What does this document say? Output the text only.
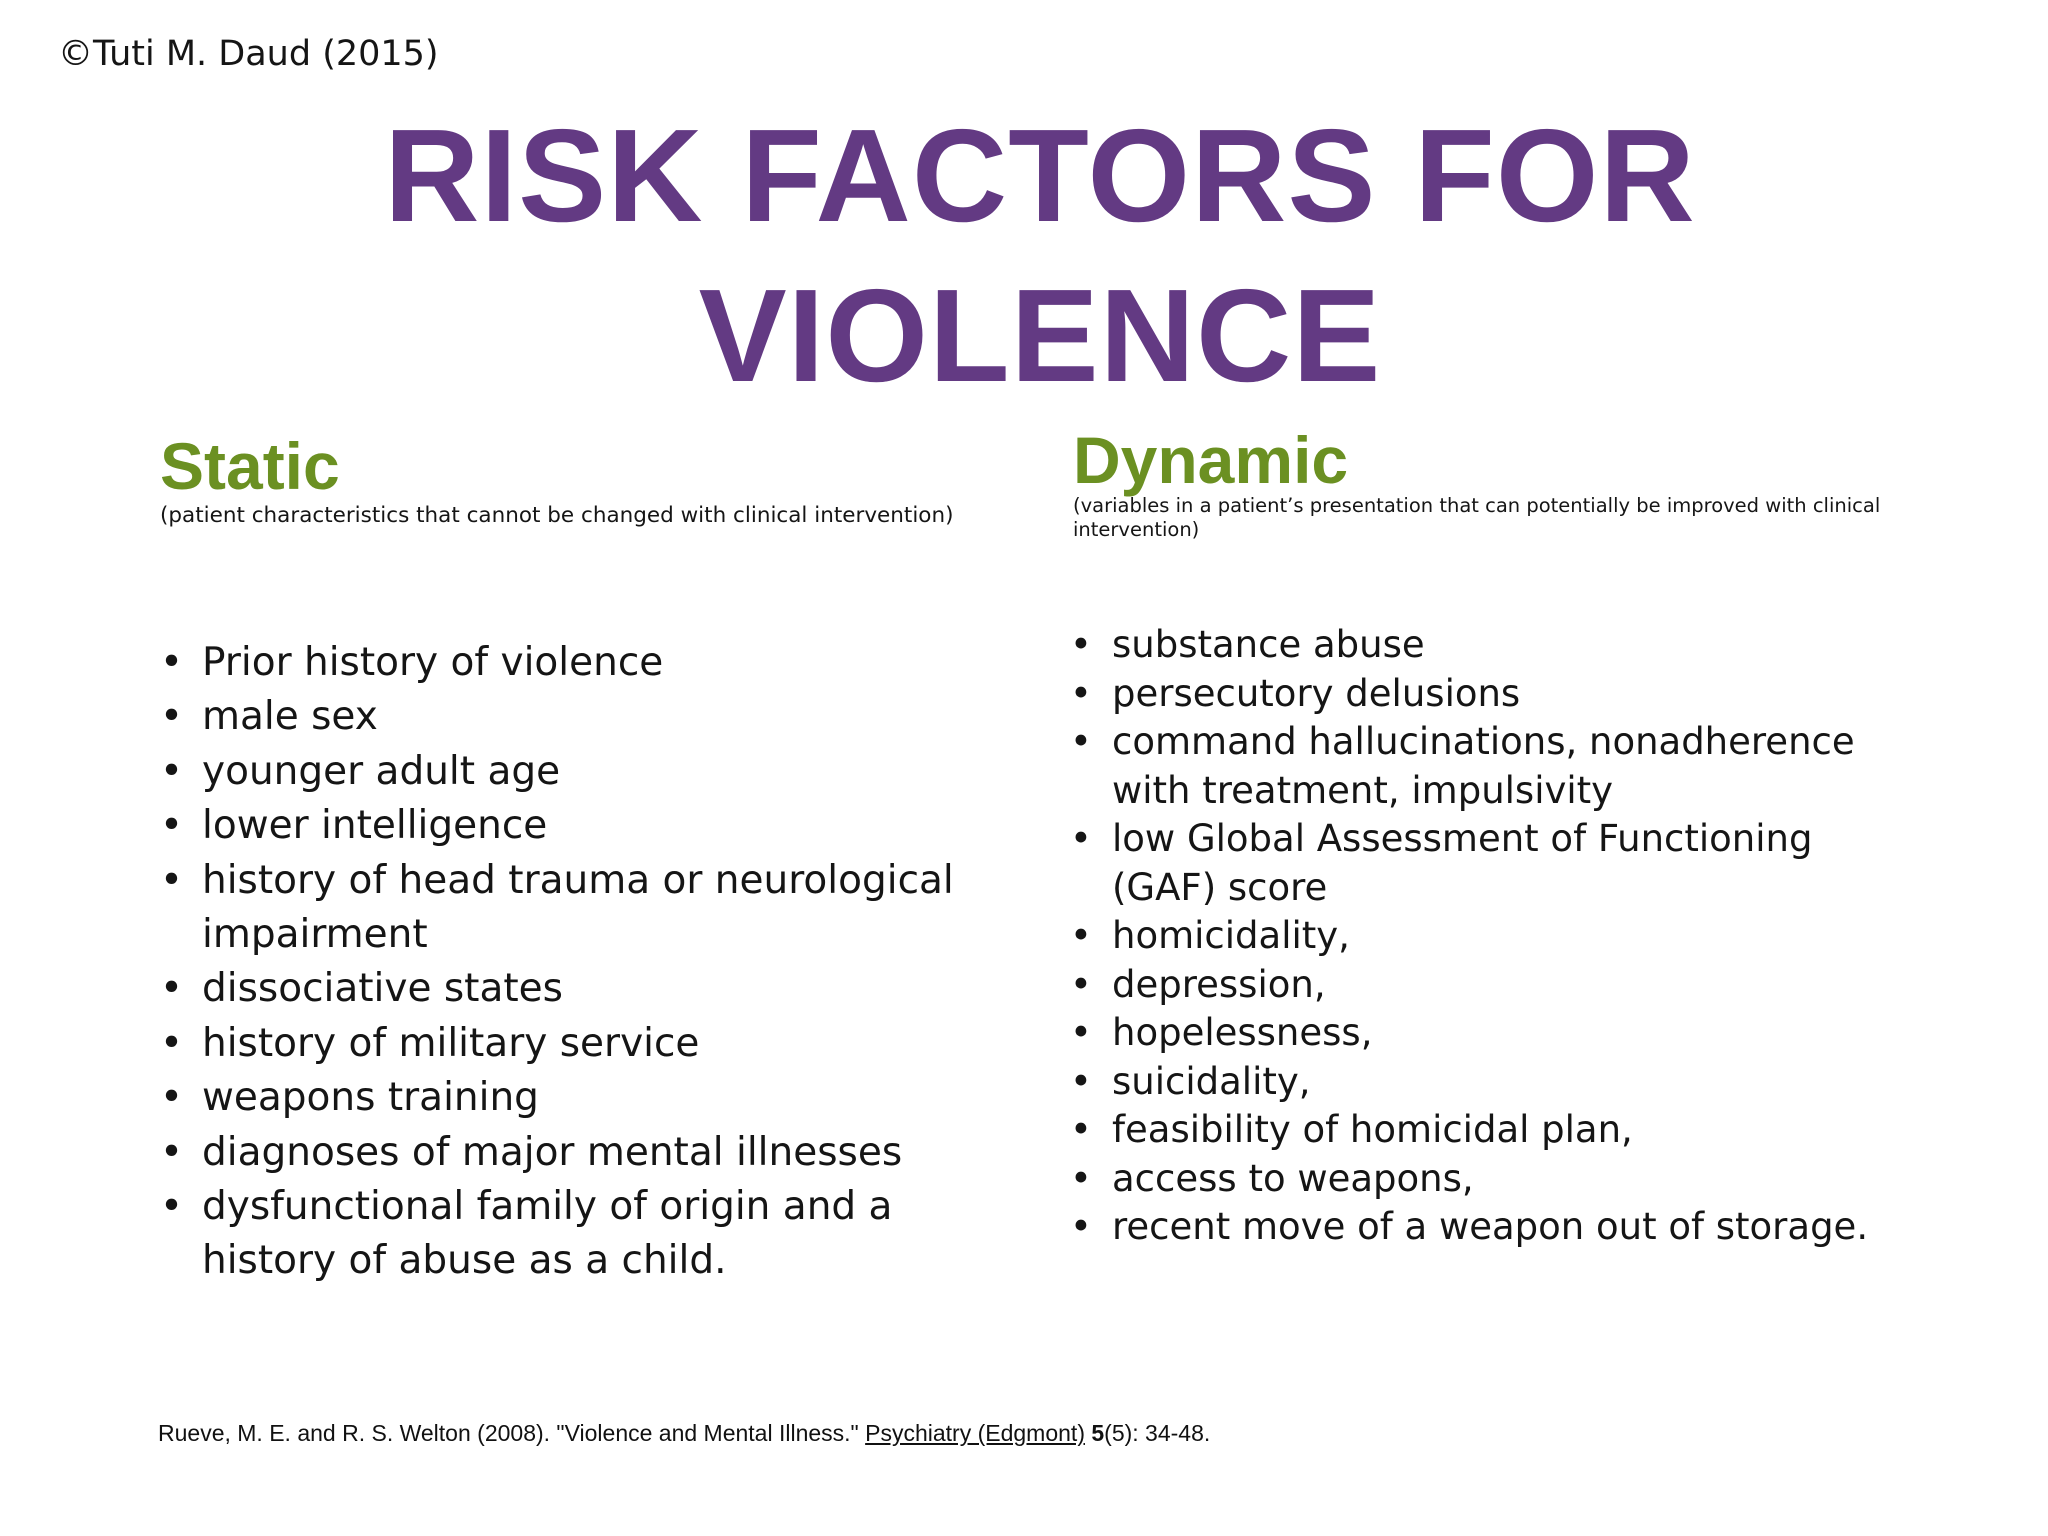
©Tuti M. Daud (2015)
RISK FACTORS FOR
VIOLENCE
Static
(patient characteristics that cannot be changed with clinical intervention)
• Prior history of violence
• male sex
• younger adult age
• lower intelligence
• history of head trauma or neurological impairment
• dissociative states
• history of military service
• weapons training
• diagnoses of major mental illnesses
• dysfunctional family of origin and a history of abuse as a child.
Dynamic
(variables in a patient’s presentation that can potentially be improved with clinical intervention)
• substance abuse
• persecutory delusions
• command hallucinations, nonadherence with treatment, impulsivity
• low Global Assessment of Functioning (GAF) score
• homicidality,
• depression,
• hopelessness,
• suicidality,
• feasibility of homicidal plan,
• access to weapons,
• recent move of a weapon out of storage.
Rueve, M. E. and R. S. Welton (2008). "Violence and Mental Illness." Psychiatry (Edgmont) 5(5): 34-48.
